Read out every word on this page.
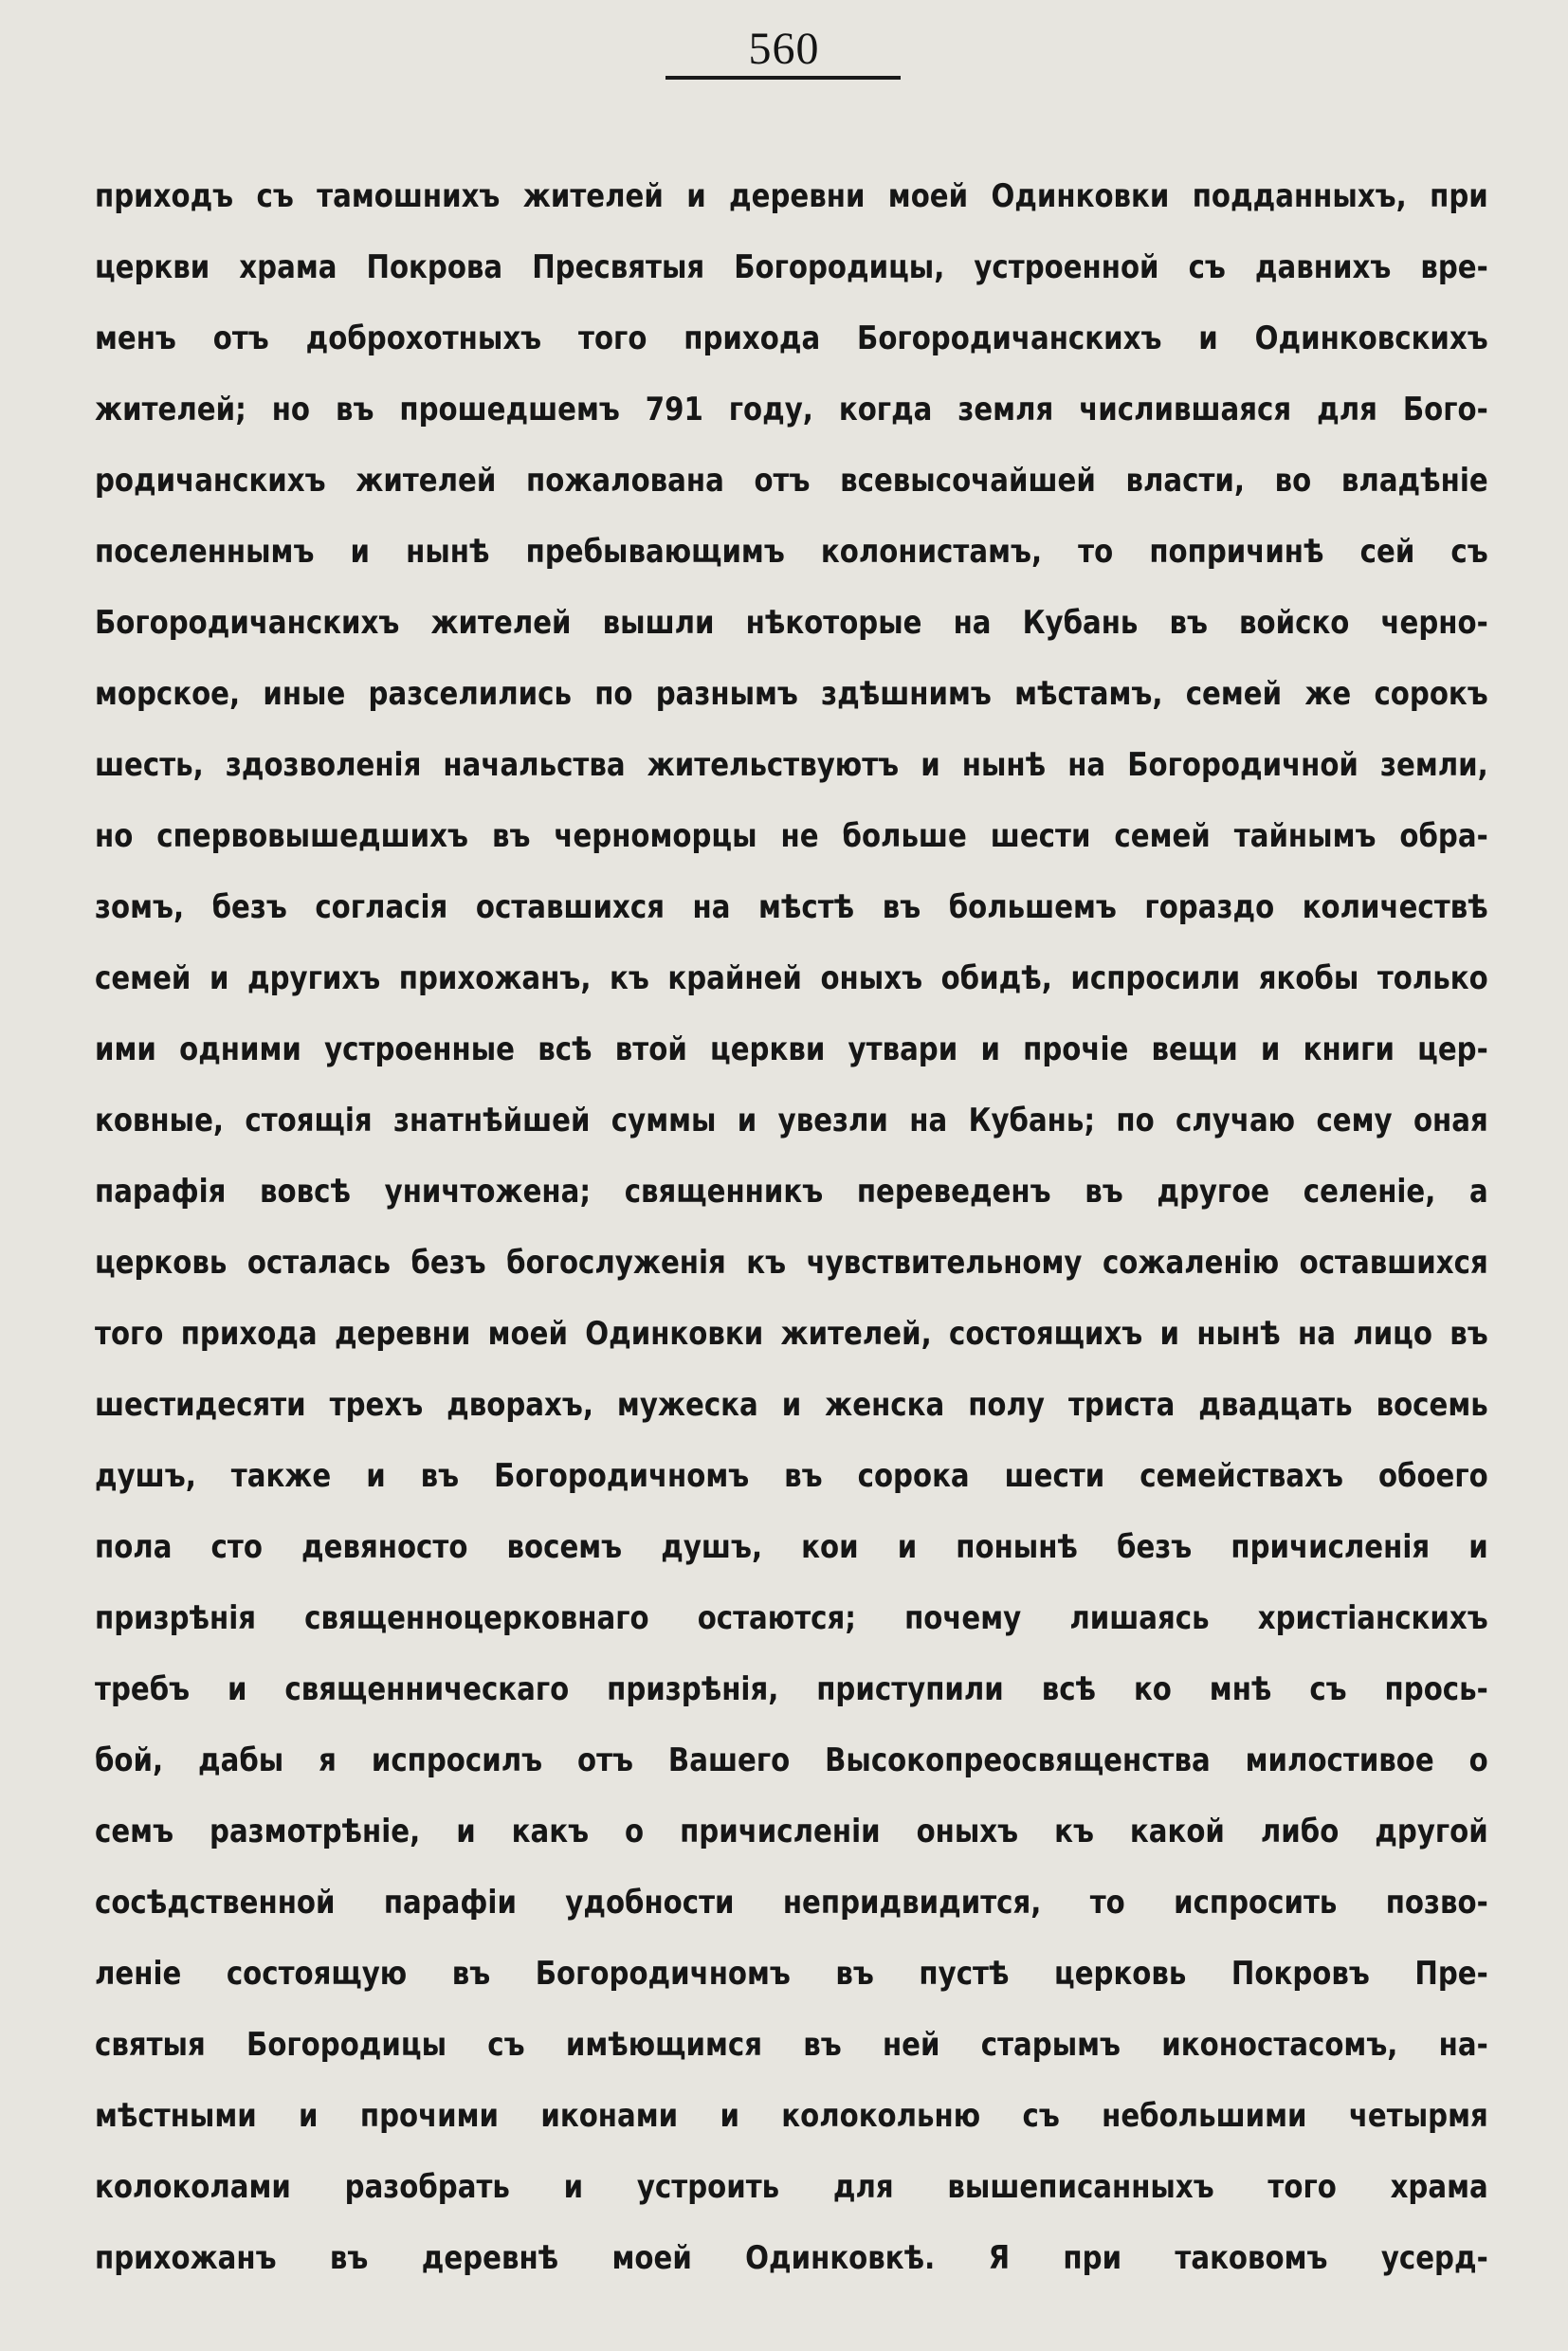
560
приходъ съ тамошнихъ жителей и деревни моей Одинковки подданныхъ, при
церкви храма Покрова Пресвятыя Богородицы, устроенной съ давнихъ вре-
менъ отъ доброхотныхъ того прихода Богородичанскихъ и Одинковскихъ
жителей; но въ прошедшемъ 791 году, когда земля числившаяся для Бого-
родичанскихъ жителей пожалована отъ всевысочайшей власти, во владѣніе
поселеннымъ и нынѣ пребывающимъ колонистамъ, то попричинѣ сей съ
Богородичанскихъ жителей вышли нѣкоторые на Кубань въ войско черно-
морское, иные разселились по разнымъ здѣшнимъ мѣстамъ, семей же сорокъ
шесть, здозволенія начальства жительствуютъ и нынѣ на Богородичной земли,
но спервовышедшихъ въ черноморцы не больше шести семей тайнымъ обра-
зомъ, безъ согласія оставшихся на мѣстѣ въ большемъ гораздо количествѣ
семей и другихъ прихожанъ, къ крайней оныхъ обидѣ, испросили якобы только
ими одними устроенные всѣ втой церкви утвари и прочіе вещи и книги цер-
ковные, стоящія знатнѣйшей суммы и увезли на Кубань; по случаю сему оная
парафія вовсѣ уничтожена; священникъ переведенъ въ другое селеніе, а
церковь осталась безъ богослуженія къ чувствительному сожаленію оставшихся
того прихода деревни моей Одинковки жителей, состоящихъ и нынѣ на лицо въ
шестидесяти трехъ дворахъ, мужеска и женска полу триста двадцать восемь
душъ, также и въ Богородичномъ въ сорока шести семействахъ обоего
пола сто девяносто восемъ душъ, кои и понынѣ безъ причисленія и
призрѣнія священноцерковнаго остаются; почему лишаясь христіанскихъ
требъ и священническаго призрѣнія, приступили всѣ ко мнѣ съ прось-
бой, дабы я испросилъ отъ Вашего Высокопреосвященства милостивое о
семъ размотрѣніе, и какъ о причисленіи оныхъ къ какой либо другой
сосѣдственной парафіи удобности непридвидится, то испросить позво-
леніе состоящую въ Богородичномъ въ пустѣ церковь Покровъ Пре-
святыя Богородицы съ имѣющимся въ ней старымъ иконостасомъ, на-
мѣстными и прочими иконами и колокольню съ небольшими четырмя
колоколами разобрать и устроить для вышеписанныхъ того храма
прихожанъ въ деревнѣ моей Одинковкѣ. Я при таковомъ усерд-
